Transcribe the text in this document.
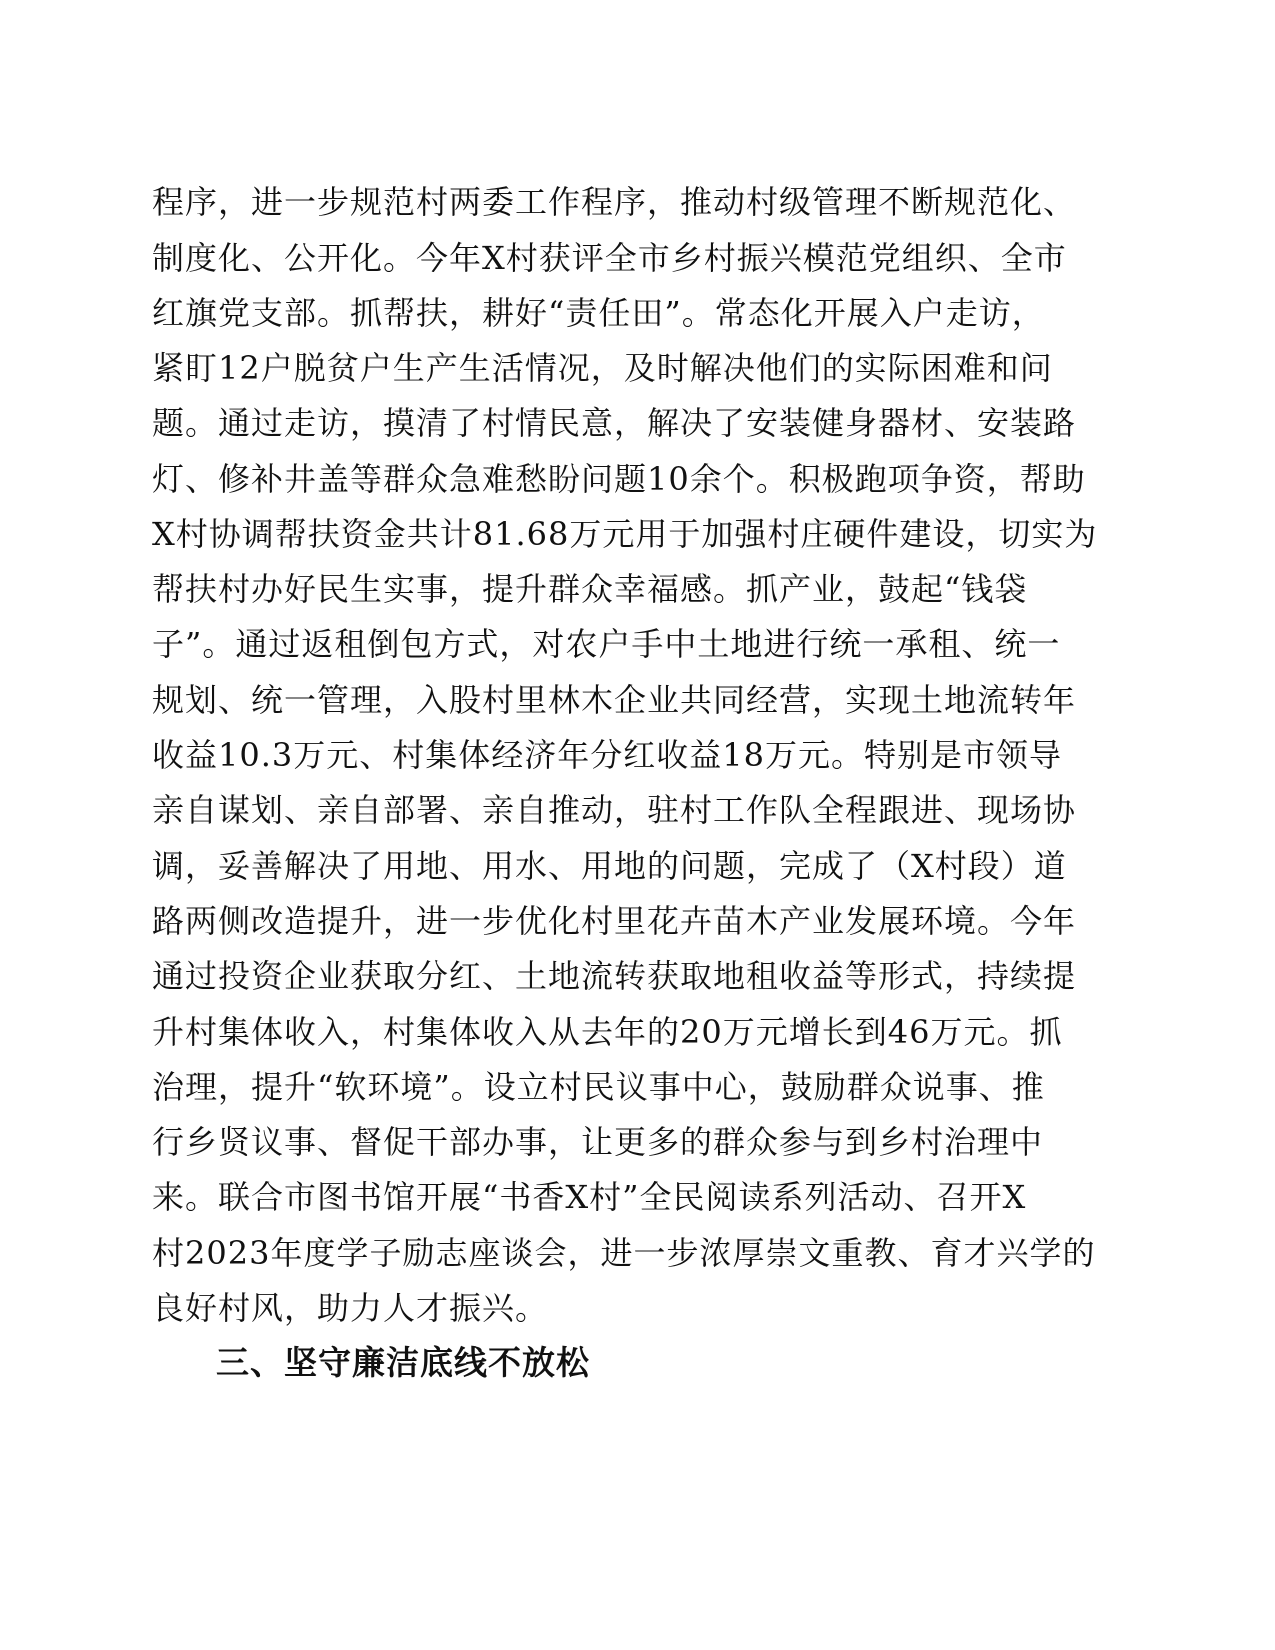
程序，进一步规范村两委工作程序，推动村级管理不断规范化、
制度化、公开化。今年X村获评全市乡村振兴模范党组织、全市
红旗党支部。抓帮扶，耕好“责任田”。常态化开展入户走访，
紧盯12户脱贫户生产生活情况，及时解决他们的实际困难和问
题。通过走访，摸清了村情民意，解决了安装健身器材、安装路
灯、修补井盖等群众急难愁盼问题10余个。积极跑项争资，帮助
X村协调帮扶资金共计81.68万元用于加强村庄硬件建设，切实为
帮扶村办好民生实事，提升群众幸福感。抓产业，鼓起“钱袋
子”。通过返租倒包方式，对农户手中土地进行统一承租、统一
规划、统一管理，入股村里林木企业共同经营，实现土地流转年
收益10.3万元、村集体经济年分红收益18万元。特别是市领导
亲自谋划、亲自部署、亲自推动，驻村工作队全程跟进、现场协
调，妥善解决了用地、用水、用地的问题，完成了（X村段）道
路两侧改造提升，进一步优化村里花卉苗木产业发展环境。今年
通过投资企业获取分红、土地流转获取地租收益等形式，持续提
升村集体收入，村集体收入从去年的20万元增长到46万元。抓
治理，提升“软环境”。设立村民议事中心，鼓励群众说事、推
行乡贤议事、督促干部办事，让更多的群众参与到乡村治理中
来。联合市图书馆开展“书香X村”全民阅读系列活动、召开X
村2023年度学子励志座谈会，进一步浓厚崇文重教、育才兴学的
良好村风，助力人才振兴。
三、坚守廉洁底线不放松
